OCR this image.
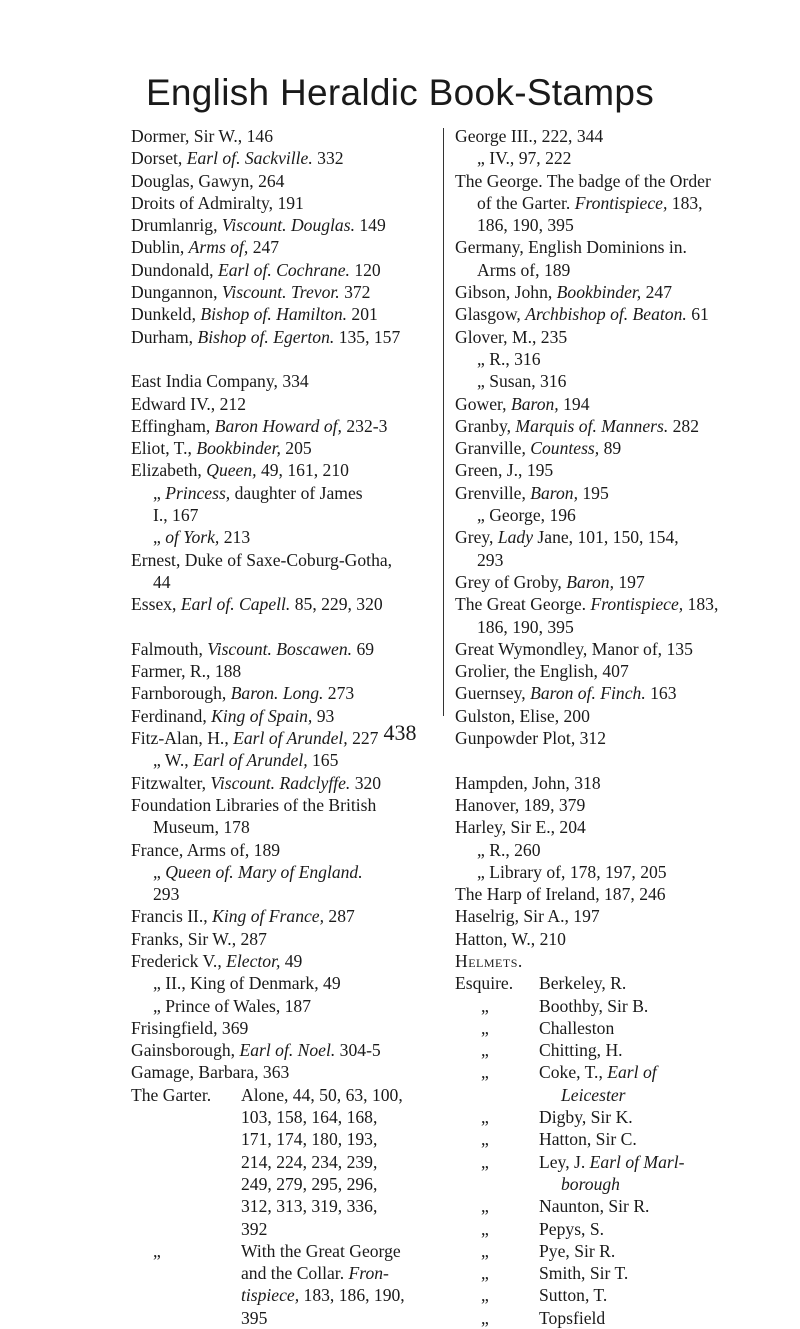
English Heraldic Book-Stamps
Dormer, Sir W., 146
Dorset, Earl of. Sackville. 332
Douglas, Gawyn, 264
Droits of Admiralty, 191
Drumlanrig, Viscount. Douglas. 149
Dublin, Arms of, 247
Dundonald, Earl of. Cochrane. 120
Dungannon, Viscount. Trevor. 372
Dunkeld, Bishop of. Hamilton. 201
Durham, Bishop of. Egerton. 135, 157
East India Company, 334
Edward IV., 212
Effingham, Baron Howard of, 232-3
Eliot, T., Bookbinder, 205
Elizabeth, Queen, 49, 161, 210
„ Princess, daughter of James
I., 167
„ of York, 213
Ernest, Duke of Saxe-Coburg-Gotha,
44
Essex, Earl of. Capell. 85, 229, 320
Falmouth, Viscount. Boscawen. 69
Farmer, R., 188
Farnborough, Baron. Long. 273
Ferdinand, King of Spain, 93
Fitz-Alan, H., Earl of Arundel, 227
„ W., Earl of Arundel, 165
Fitzwalter, Viscount. Radclyffe. 320
Foundation Libraries of the British
Museum, 178
France, Arms of, 189
„ Queen of. Mary of England.
293
Francis II., King of France, 287
Franks, Sir W., 287
Frederick V., Elector, 49
„ II., King of Denmark, 49
„ Prince of Wales, 187
Frisingfield, 369
Gainsborough, Earl of. Noel. 304-5
Gamage, Barbara, 363
The Garter.	Alone, 44, 50, 63, 100,
103, 158, 164, 168,
171, 174, 180, 193,
214, 224, 234, 239,
249, 279, 295, 296,
312, 313, 319, 336,
392
„	With the Great George
and the Collar. Fron-
tispiece, 183, 186, 190,
395
George III., 222, 344
„ IV., 97, 222
The George. The badge of the Order
of the Garter. Frontispiece, 183,
186, 190, 395
Germany, English Dominions in.
Arms of, 189
Gibson, John, Bookbinder, 247
Glasgow, Archbishop of. Beaton. 61
Glover, M., 235
„ R., 316
„ Susan, 316
Gower, Baron, 194
Granby, Marquis of. Manners. 282
Granville, Countess, 89
Green, J., 195
Grenville, Baron, 195
„ George, 196
Grey, Lady Jane, 101, 150, 154,
293
Grey of Groby, Baron, 197
The Great George. Frontispiece, 183,
186, 190, 395
Great Wymondley, Manor of, 135
Grolier, the English, 407
Guernsey, Baron of. Finch. 163
Gulston, Elise, 200
Gunpowder Plot, 312
Hampden, John, 318
Hanover, 189, 379
Harley, Sir E., 204
„ R., 260
„ Library of, 178, 197, 205
The Harp of Ireland, 187, 246
Haselrig, Sir A., 197
Hatton, W., 210
Helmets.
Esquire.	Berkeley, R.
„	Boothby, Sir B.
„	Challeston
„	Chitting, H.
„	Coke, T., Earl of
Leicester
„	Digby, Sir K.
„	Hatton, Sir C.
„	Ley, J. Earl of Marl-
borough
„	Naunton, Sir R.
„	Pepys, S.
„	Pye, Sir R.
„	Smith, Sir T.
„	Sutton, T.
„	Topsfield
438
